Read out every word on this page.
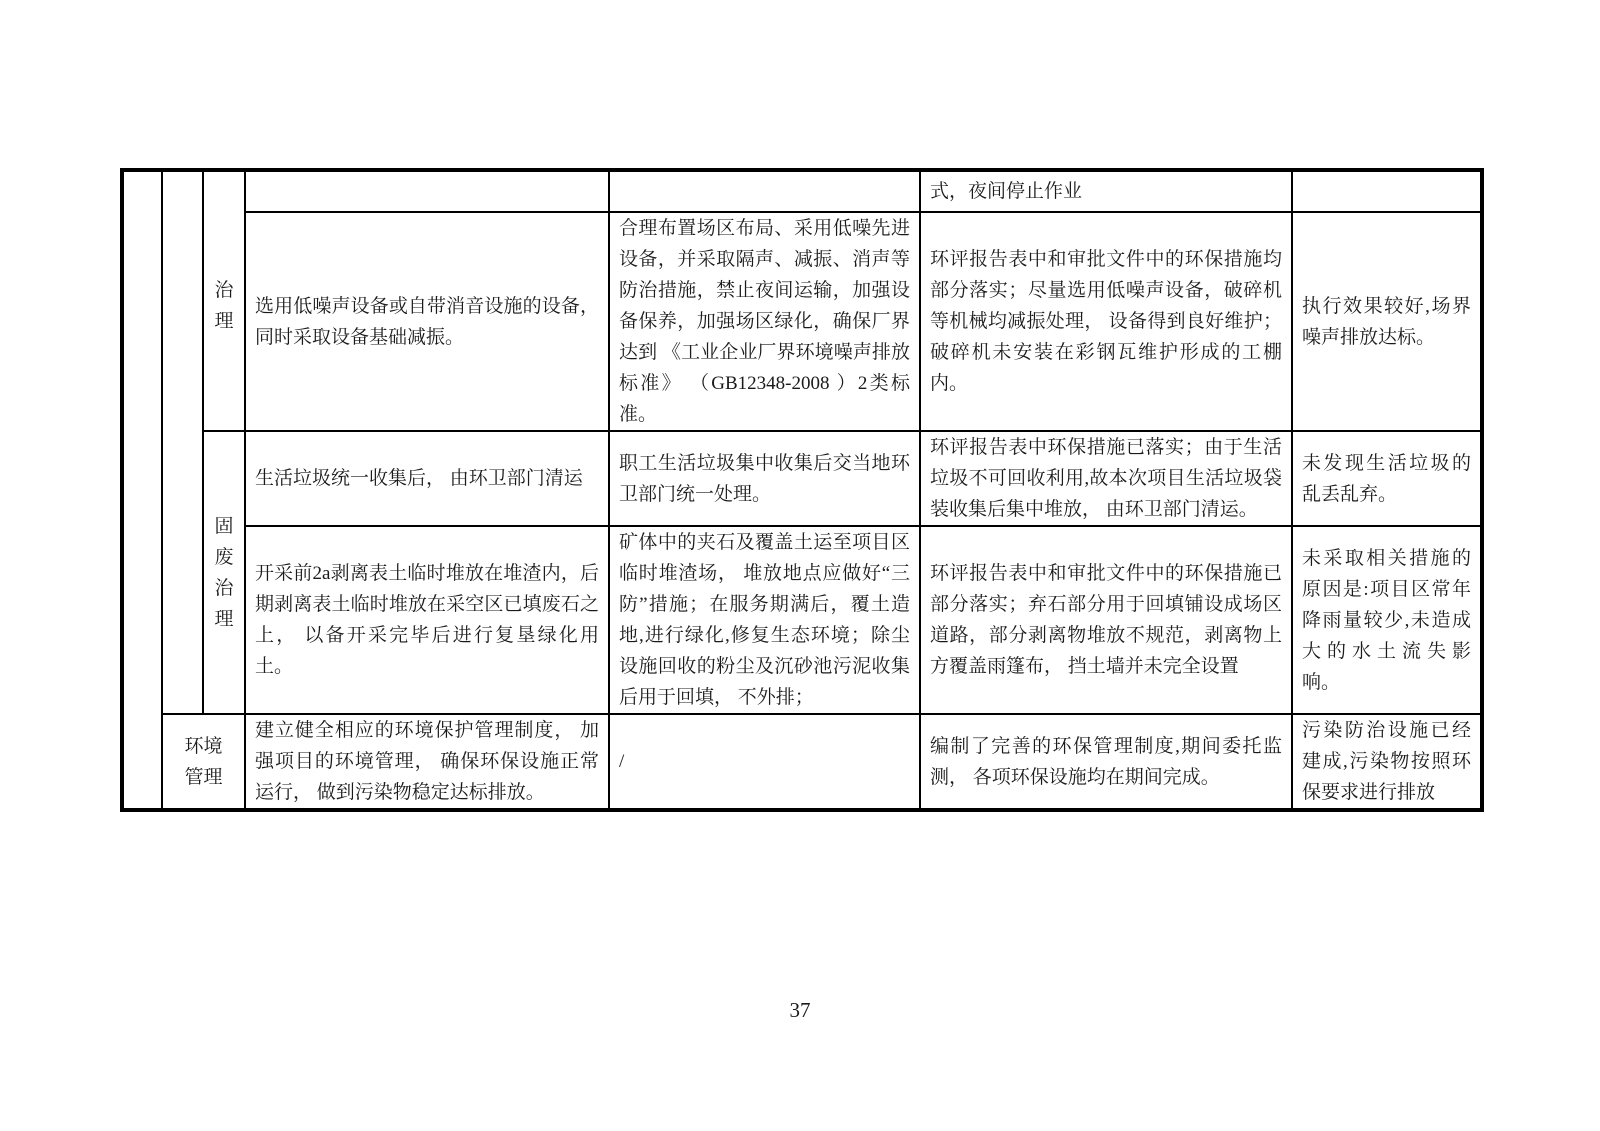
		治理			式，夜间停止作业	
			选用低噪声设备或自带消音设施的设备，同时采取设备基础减振。	合理布置场区布局、采用低噪先进设备，并采取隔声、减振、消声等防治措施，禁止夜间运输，加强设备保养，加强场区绿化，确保厂界达到 《工业企业厂界环境噪声排放标准》 （GB12348-2008 ）2类标准。	环评报告表中和审批文件中的环保措施均部分落实；尽量选用低噪声设备，破碎机等机械均减振处理， 设备得到良好维护；破碎机未安装在彩钢瓦维护形成的工棚内。	执行效果较好,场界噪声排放达标。

		固废治理	生活垃圾统一收集后， 由环卫部门清运	职工生活垃圾集中收集后交当地环卫部门统一处理。	环评报告表中环保措施已落实；由于生活垃圾不可回收利用,故本次项目生活垃圾袋装收集后集中堆放， 由环卫部门清运。	未发现生活垃圾的乱丢乱弃。
			开采前2a剥离表土临时堆放在堆渣内，后期剥离表土临时堆放在采空区已填废石之上， 以备开采完毕后进行复垦绿化用土。	矿体中的夹石及覆盖土运至项目区临时堆渣场， 堆放地点应做好“三防”措施；在服务期满后，覆土造地,进行绿化,修复生态环境；除尘设施回收的粉尘及沉砂池污泥收集后用于回填， 不外排；	环评报告表中和审批文件中的环保措施已部分落实；弃石部分用于回填铺设成场区道路，部分剥离物堆放不规范，剥离物上方覆盖雨篷布， 挡土墙并未完全设置	未采取相关措施的原因是:项目区常年降雨量较少,未造成大的水土流失影响。

	环境管理		建立健全相应的环境保护管理制度， 加强项目的环境管理， 确保环保设施正常运行， 做到污染物稳定达标排放。	/	编制了完善的环保管理制度,期间委托监测， 各项环保设施均在期间完成。	污染防治设施已经建成,污染物按照环保要求进行排放
37
